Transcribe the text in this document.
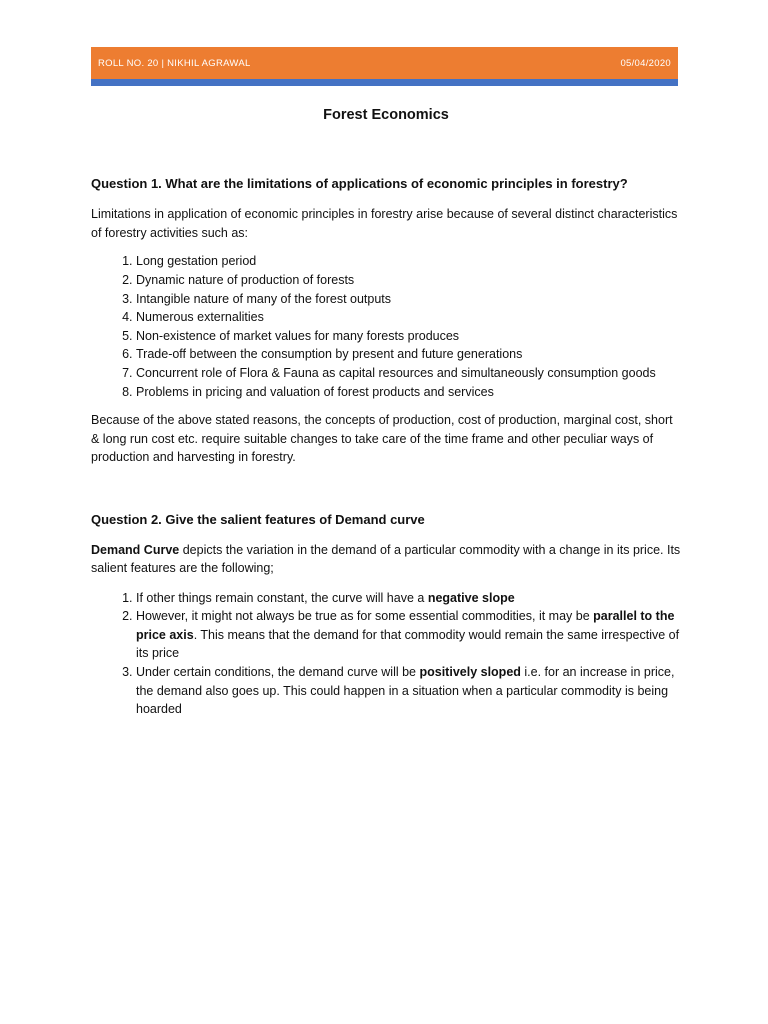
ROLL NO. 20 | NIKHIL AGRAWAL	05/04/2020
Forest Economics
Question 1. What are the limitations of applications of economic principles in forestry?

Limitations in application of economic principles in forestry arise because of several distinct characteristics of forestry activities such as:

1. Long gestation period
2. Dynamic nature of production of forests
3. Intangible nature of many of the forest outputs
4. Numerous externalities
5. Non-existence of market values for many forests produces
6. Trade-off between the consumption by present and future generations
7. Concurrent role of Flora & Fauna as capital resources and simultaneously consumption goods
8. Problems in pricing and valuation of forest products and services

Because of the above stated reasons, the concepts of production, cost of production, marginal cost, short & long run cost etc. require suitable changes to take care of the time frame and other peculiar ways of production and harvesting in forestry.

Question 2. Give the salient features of Demand curve

Demand Curve depicts the variation in the demand of a particular commodity with a change in its price. Its salient features are the following;

1. If other things remain constant, the curve will have a negative slope
2. However, it might not always be true as for some essential commodities, it may be parallel to the price axis. This means that the demand for that commodity would remain the same irrespective of its price
3. Under certain conditions, the demand curve will be positively sloped i.e. for an increase in price, the demand also goes up. This could happen in a situation when a particular commodity is being hoarded
